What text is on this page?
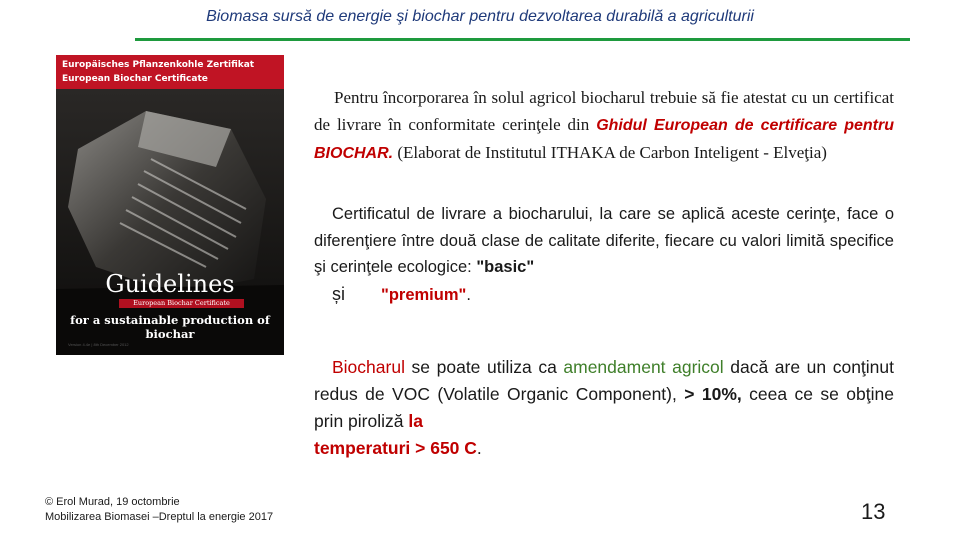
Biomasa sursă de energie şi biochar pentru dezvoltarea durabilă a agriculturii
Europäisches Pflanzenkohle Zertifikat
European Biochar Certificate
Guidelines
European Biochar Certificate
for a sustainable production of biochar
Version 4.4e | 8th December 2012
Pentru încorporarea în solul agricol biocharul trebuie să fie atestat cu un certificat de livrare în conformitate cerinţele din Ghidul European de certificare pentru BIOCHAR. (Elaborat de Institutul ITHAKA de Carbon Inteligent - Elveţia)
Certificatul de livrare a biocharului, la care se aplică aceste cerinţe, face o diferenţiere între două clase de calitate diferite, fiecare cu valori limită specifice şi cerinţele ecologice: "basic"
și "premium".
Biocharul se poate utiliza ca amendament agricol dacă are un conţinut redus de VOC (Volatile Organic Component), > 10%, ceea ce se obţine prin piroliză la
temperaturi > 650 C.
© Erol Murad, 19 octombrie
Mobilizarea Biomasei –Dreptul la energie 2017	13
